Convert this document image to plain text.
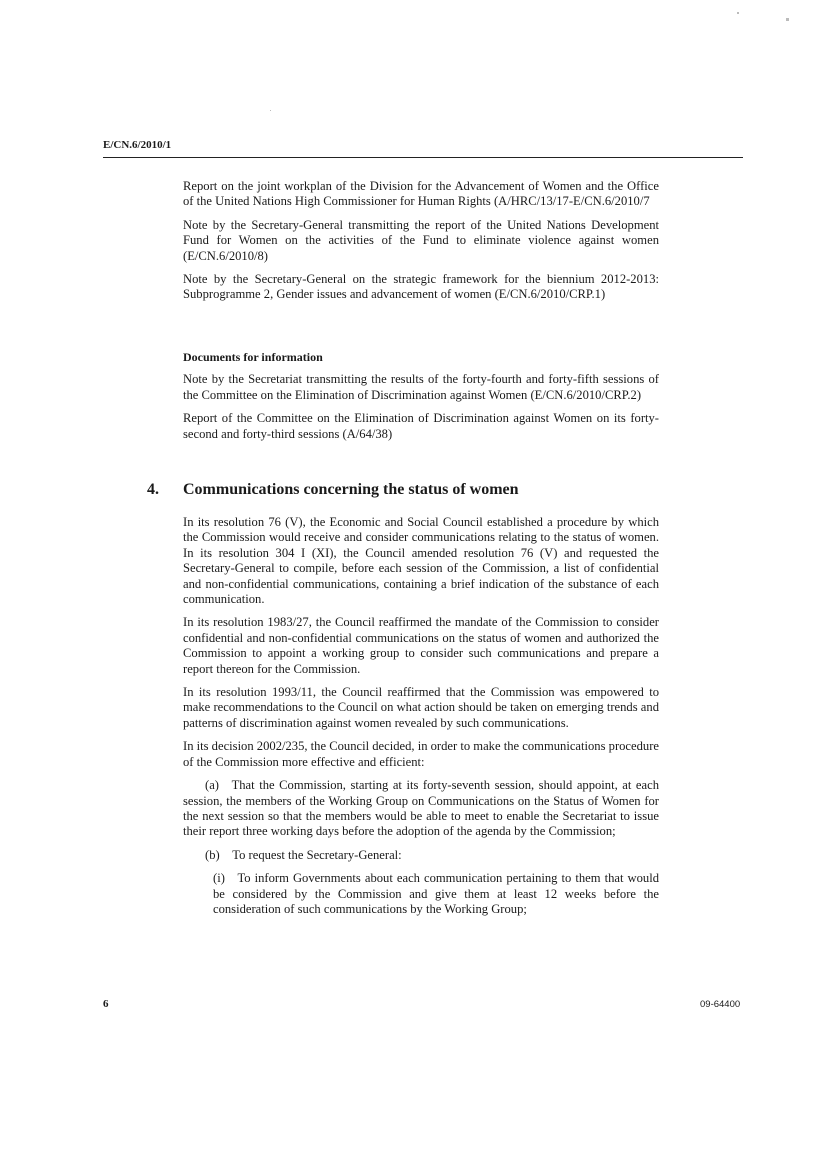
E/CN.6/2010/1

Report on the joint workplan of the Division for the Advancement of Women and the Office of the United Nations High Commissioner for Human Rights (A/HRC/13/17-E/CN.6/2010/7

Note by the Secretary-General transmitting the report of the United Nations Development Fund for Women on the activities of the Fund to eliminate violence against women (E/CN.6/2010/8)

Note by the Secretary-General on the strategic framework for the biennium 2012-2013: Subprogramme 2, Gender issues and advancement of women (E/CN.6/2010/CRP.1)

Documents for information

Note by the Secretariat transmitting the results of the forty-fourth and forty-fifth sessions of the Committee on the Elimination of Discrimination against Women (E/CN.6/2010/CRP.2)

Report of the Committee on the Elimination of Discrimination against Women on its forty-second and forty-third sessions (A/64/38)

4. Communications concerning the status of women

In its resolution 76 (V), the Economic and Social Council established a procedure by which the Commission would receive and consider communications relating to the status of women. In its resolution 304 I (XI), the Council amended resolution 76 (V) and requested the Secretary-General to compile, before each session of the Commission, a list of confidential and non-confidential communications, containing a brief indication of the substance of each communication.

In its resolution 1983/27, the Council reaffirmed the mandate of the Commission to consider confidential and non-confidential communications on the status of women and authorized the Commission to appoint a working group to consider such communications and prepare a report thereon for the Commission.

In its resolution 1993/11, the Council reaffirmed that the Commission was empowered to make recommendations to the Council on what action should be taken on emerging trends and patterns of discrimination against women revealed by such communications.

In its decision 2002/235, the Council decided, in order to make the communications procedure of the Commission more effective and efficient:

(a) That the Commission, starting at its forty-seventh session, should appoint, at each session, the members of the Working Group on Communications on the Status of Women for the next session so that the members would be able to meet to enable the Secretariat to issue their report three working days before the adoption of the agenda by the Commission;

(b) To request the Secretary-General:

(i) To inform Governments about each communication pertaining to them that would be considered by the Commission and give them at least 12 weeks before the consideration of such communications by the Working Group;

6	09-64400
